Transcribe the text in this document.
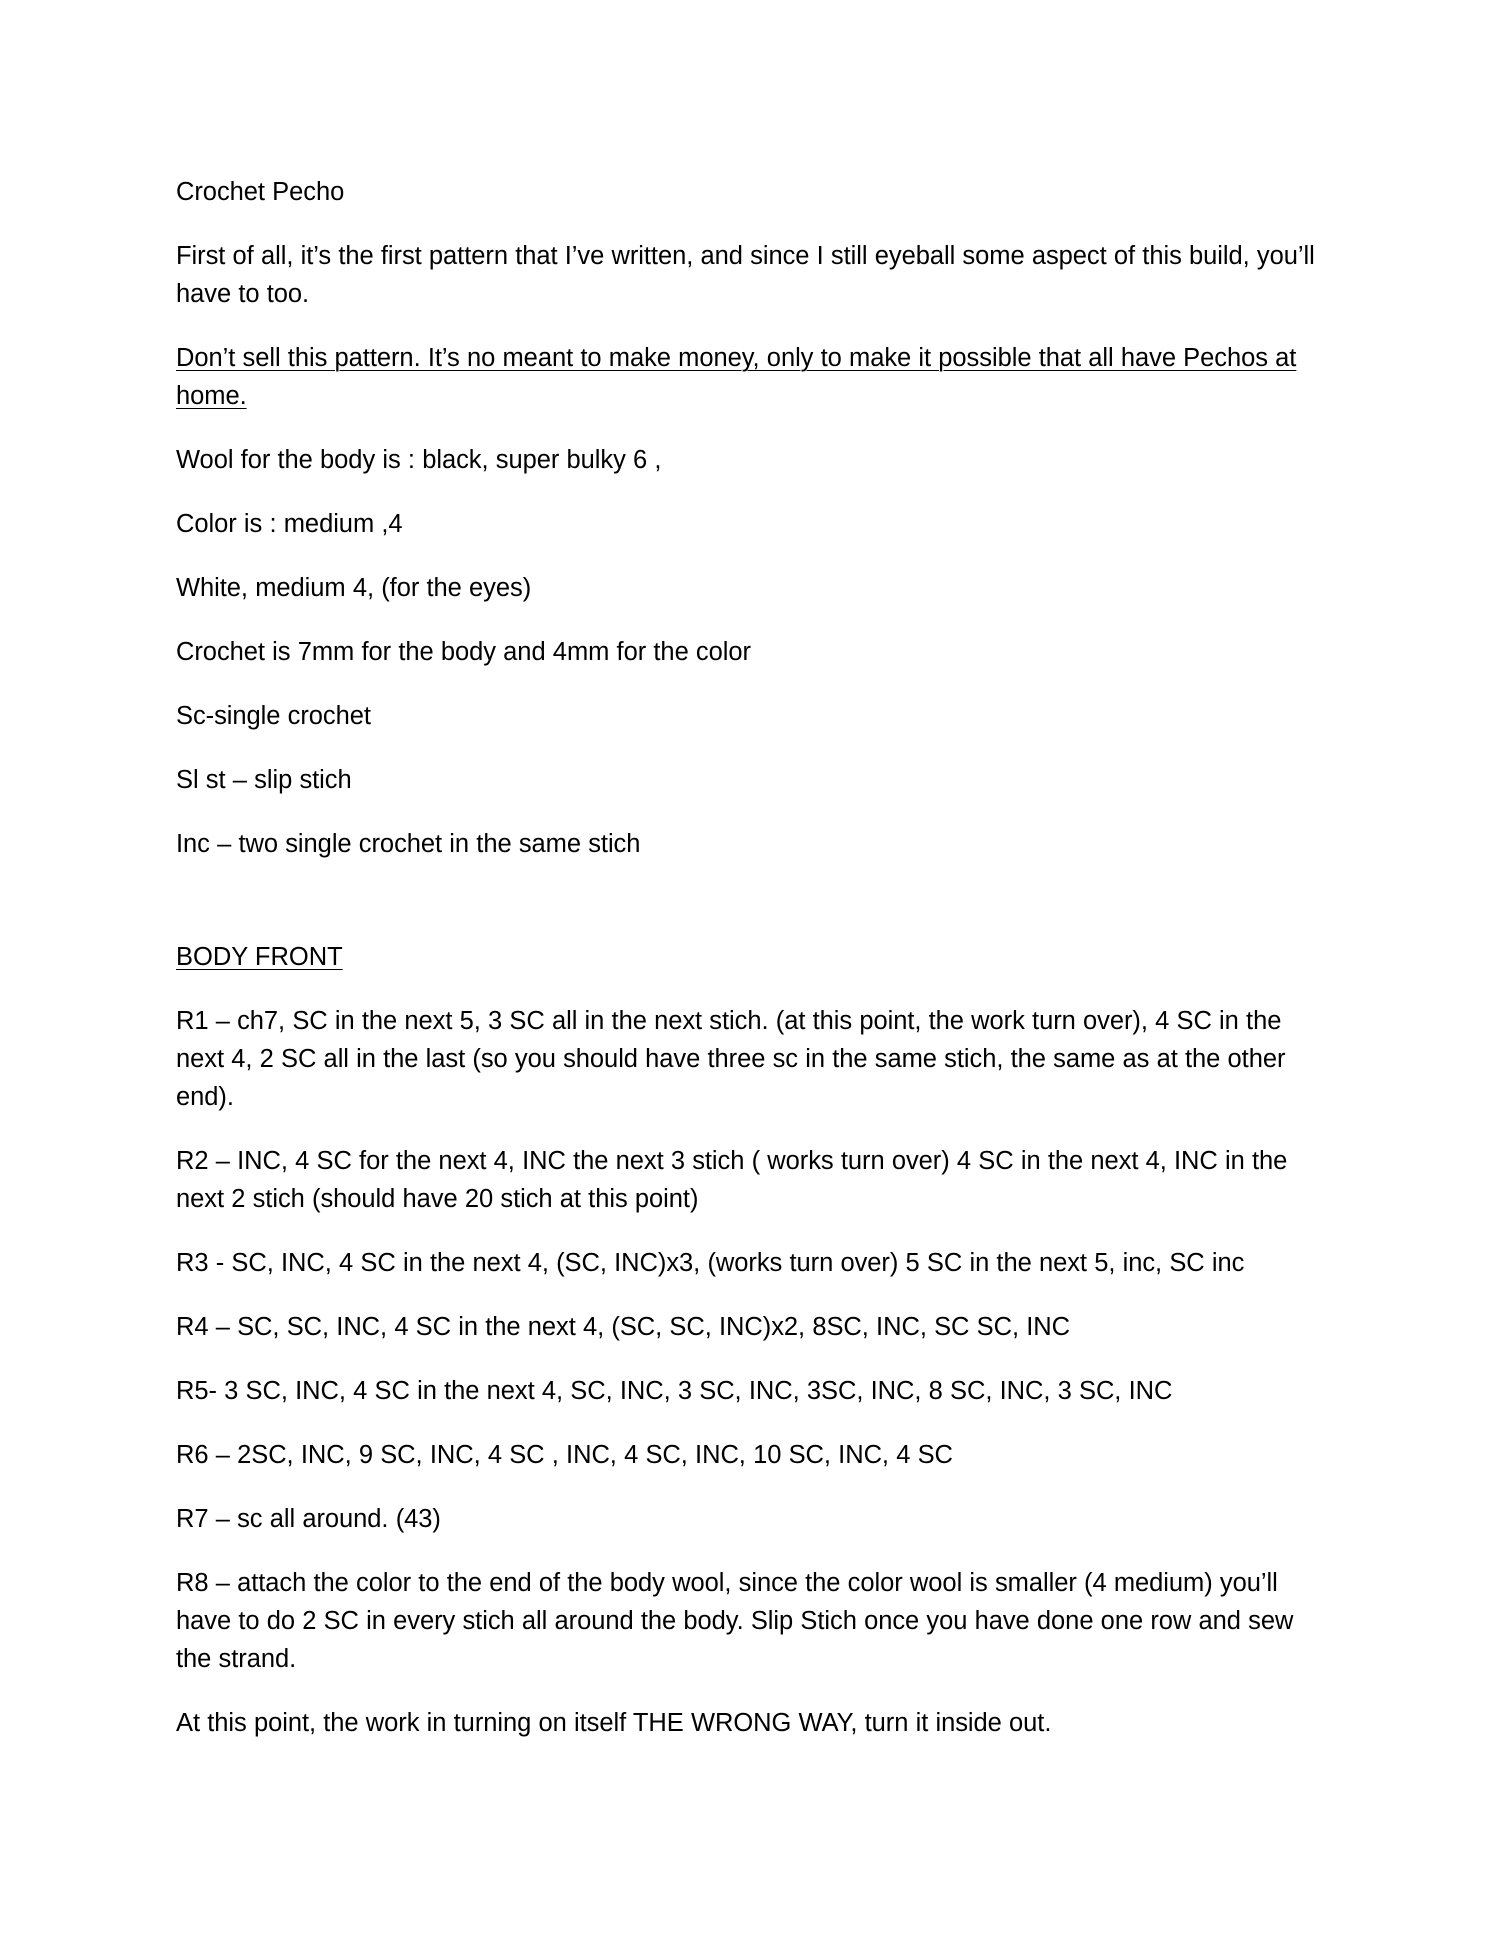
Crochet Pecho

First of all, it’s the first pattern that I’ve written, and since I still eyeball some aspect of this build, you’ll have to too.

Don’t sell this pattern. It’s no meant to make money, only to make it possible that all have Pechos at home.

Wool for the body is : black, super bulky 6 ,

Color is : medium ,4

White, medium 4, (for the eyes)

Crochet is 7mm for the body and 4mm for the color

Sc-single crochet

Sl st – slip stich

Inc – two single crochet in the same stich

BODY FRONT

R1 – ch7, SC in the next 5, 3 SC all in the next stich. (at this point, the work turn over), 4 SC in the next 4, 2 SC all in the last (so you should have three sc in the same stich, the same as at the other end).

R2 – INC, 4 SC for the next 4, INC the next 3 stich ( works turn over) 4 SC in the next 4, INC in the next 2 stich (should have 20 stich at this point)

R3 - SC, INC, 4 SC in the next 4, (SC, INC)x3, (works turn over) 5 SC in the next 5, inc, SC inc

R4 – SC, SC, INC, 4 SC in the next 4, (SC, SC, INC)x2, 8SC, INC, SC SC, INC

R5- 3 SC, INC, 4 SC in the next 4, SC, INC, 3 SC, INC, 3SC, INC, 8 SC, INC, 3 SC, INC

R6 – 2SC, INC, 9 SC, INC, 4 SC , INC, 4 SC, INC, 10 SC, INC, 4 SC

R7 – sc all around. (43)

R8 – attach the color to the end of the body wool, since the color wool is smaller (4 medium) you’ll have to do 2 SC in every stich all around the body. Slip Stich once you have done one row and sew the strand.

At this point, the work in turning on itself THE WRONG WAY, turn it inside out.
